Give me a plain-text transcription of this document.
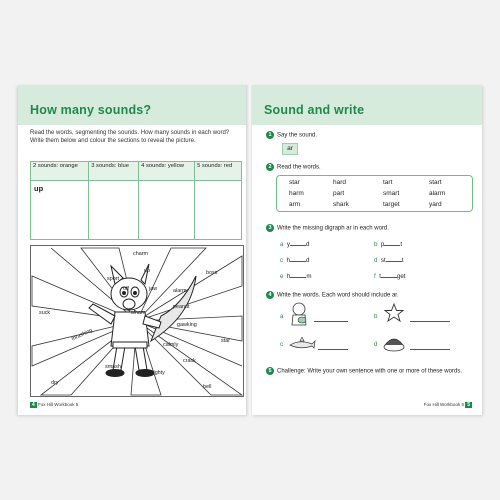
How many sounds?
Read the words, segmenting the sounds. How many sounds in each word? Write them below and colour the sections to reveal the picture.
2 sounds: orange	3 sounds: blue	4 sounds: yellow	5 sounds: red
up			
charm
up	boss
sport
off	jaw	alarm
peanut
suck	wham
gawking
thrashing	star
calmly
smash
crack
mighty
dry
bell
4 Fox Hill Workbook 5
Sound and write
1 Say the sound.
ar
2 Read the words.
star	hard	tart	start
harm	part	smart	alarm
arm	shark	target	yard
3 Write the missing digraph ar in each word.
a y	d	b p	t
c h	d	d st	t
e h	m	f t	get
4 Write the words. Each word should include ar.
a	b
c	d
5 Challenge: Write your own sentence with one or more of these words.
Fox Hill Workbook 5 5
